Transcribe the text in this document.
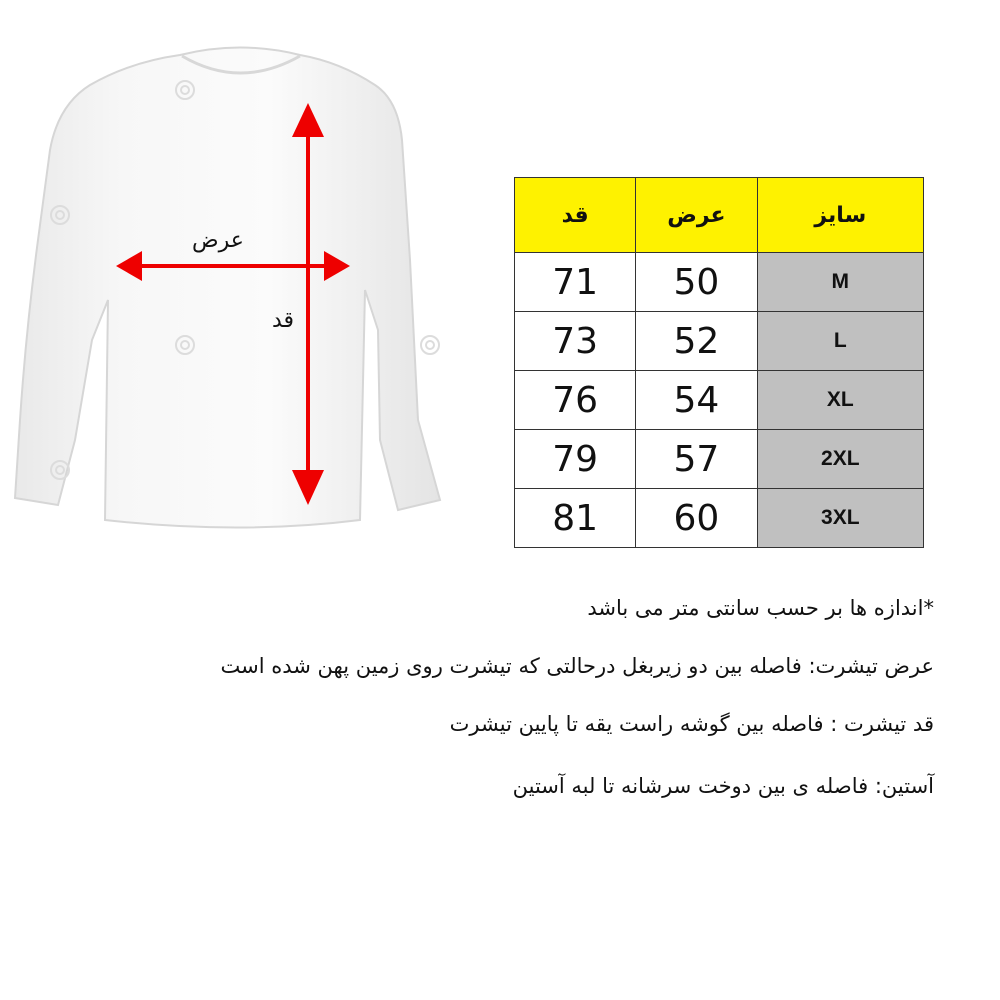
عرض
قد
قد	عرض	سایز
71	50	M
73	52	L
76	54	XL
79	57	2XL
81	60	3XL

*اندازه ها بر حسب سانتی متر می باشد

عرض تیشرت: فاصله بین دو زیربغل درحالتی که تیشرت روی زمین پهن شده است

قد تیشرت : فاصله بین گوشه راست یقه تا پایین تیشرت

آستین: فاصله ی بین دوخت سرشانه تا لبه آستین
